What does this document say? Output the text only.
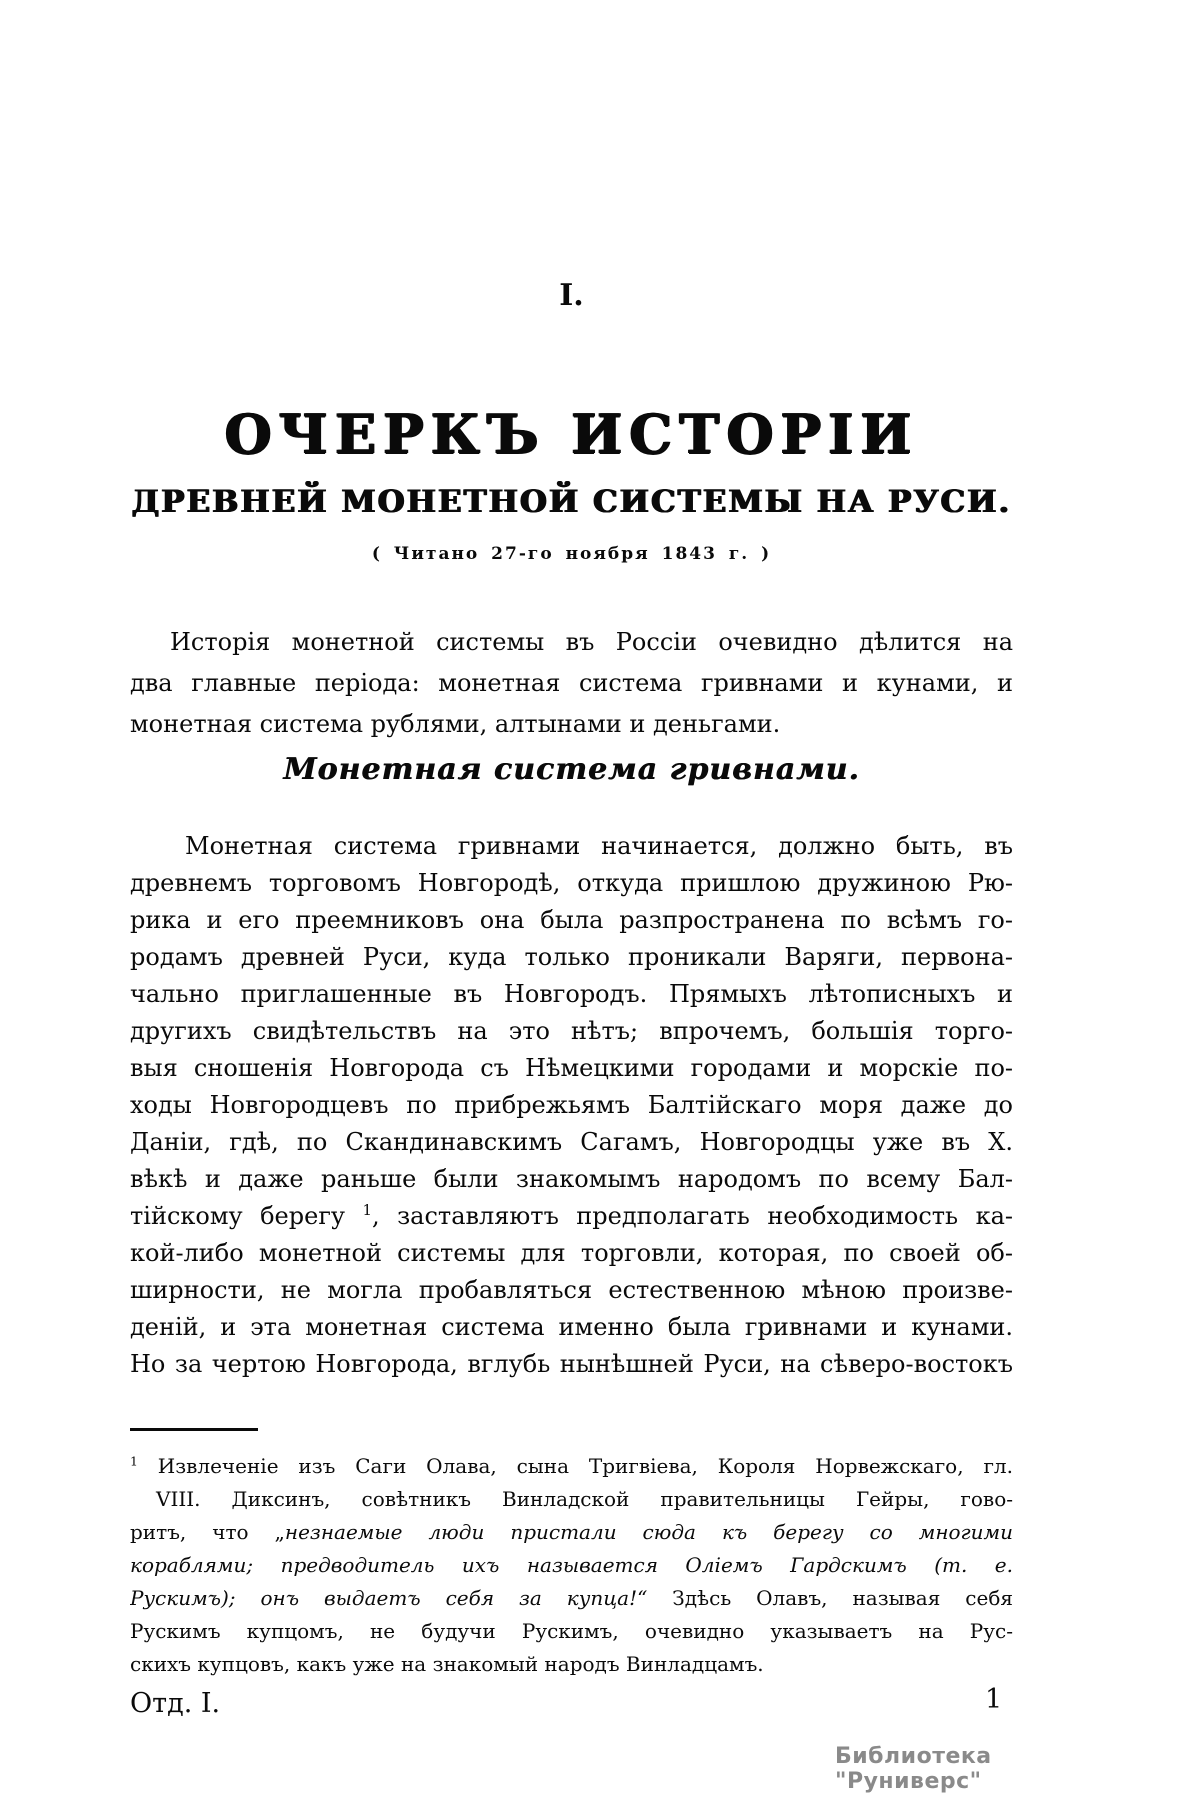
I.
ОЧЕРКЪ ИСТОРІИ
ДРЕВНЕЙ МОНЕТНОЙ СИСТЕМЫ НА РУСИ.
( Читано 27-го ноября 1843 г. )
Исторія монетной системы въ Россіи очевидно дѣлится на
два главные періода: монетная система гривнами и кунами, и
монетная система рублями, алтынами и деньгами.
Монетная система гривнами.
Монетная система гривнами начинается, должно быть, въ
древнемъ торговомъ Новгородѣ, откуда пришлою дружиною Рю-
рика и его преемниковъ она была разпространена по всѣмъ го-
родамъ древней Руси, куда только проникали Варяги, первона-
чально приглашенные въ Новгородъ. Прямыхъ лѣтописныхъ и
другихъ свидѣтельствъ на это нѣтъ; впрочемъ, большія торго-
выя сношенія Новгорода съ Нѣмецкими городами и морскіе по-
ходы Новгородцевъ по прибрежьямъ Балтійскаго моря даже до
Даніи, гдѣ, по Скандинавскимъ Сагамъ, Новгородцы уже въ X.
вѣкѣ и даже раньше были знакомымъ народомъ по всему Бал-
тійскому берегу $^1$, заставляютъ предполагать необходимость ка-
кой-либо монетной системы для торговли, которая, по своей об-
ширности, не могла пробавляться естественною мѣною произве-
деній, и эта монетная система именно была гривнами и кунами.
Но за чертою Новгорода, вглубь нынѣшней Руси, на сѣверо-востокъ
$^1$ Извлеченіе изъ Саги Олава, сына Тригвіева, Короля Норвежскаго, гл.
VIII. Диксинъ, совѣтникъ Винладской правительницы Гейры, гово-
ритъ, что „незнаемые люди пристали сюда къ берегу со многими
кораблями; предводитель ихъ называется Оліемъ Гардскимъ (т. е.
Рускимъ); онъ выдаетъ себя за купца!“ Здѣсь Олавъ, называя себя
Рускимъ купцомъ, не будучи Рускимъ, очевидно указываетъ на Рус-
скихъ купцовъ, какъ уже на знакомый народъ Винладцамъ.
Отд. I.	1
Библиотека "Руниверс"
